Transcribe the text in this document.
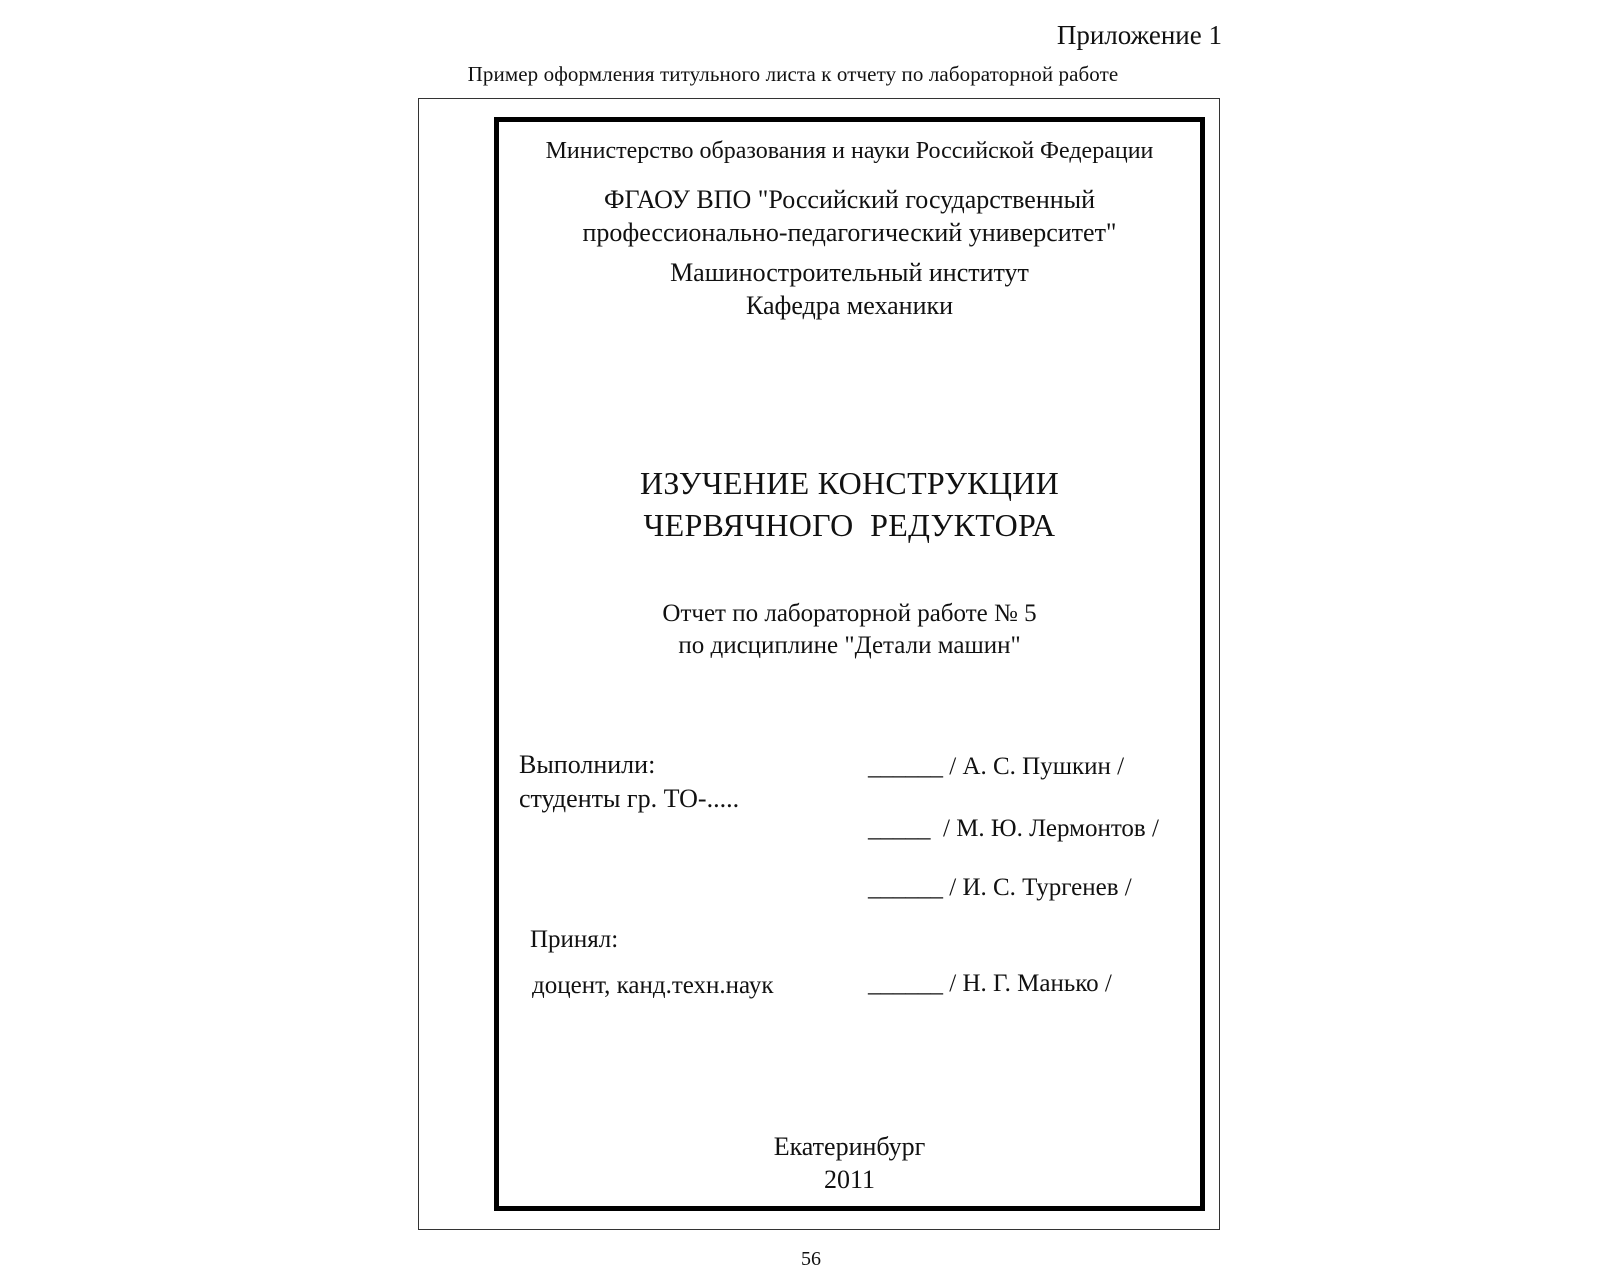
Приложение 1
Пример оформления титульного листа к отчету по лабораторной работе
Министерство образования и науки Российской Федерации
ФГАОУ ВПО "Российский государственный
профессионально-педагогический университет"
Машиностроительный институт
Кафедра механики
ИЗУЧЕНИЕ КОНСТРУКЦИИ
ЧЕРВЯЧНОГО  РЕДУКТОРА
Отчет по лабораторной работе № 5
по дисциплине "Детали машин"
Выполнили:
студенты гр. ТО-.....
______ / А. С. Пушкин /
_____  / М. Ю. Лермонтов /
______ / И. С. Тургенев /
Принял:
доцент, канд.техн.наук	______ / Н. Г. Манько /
Екатеринбург
2011
56
